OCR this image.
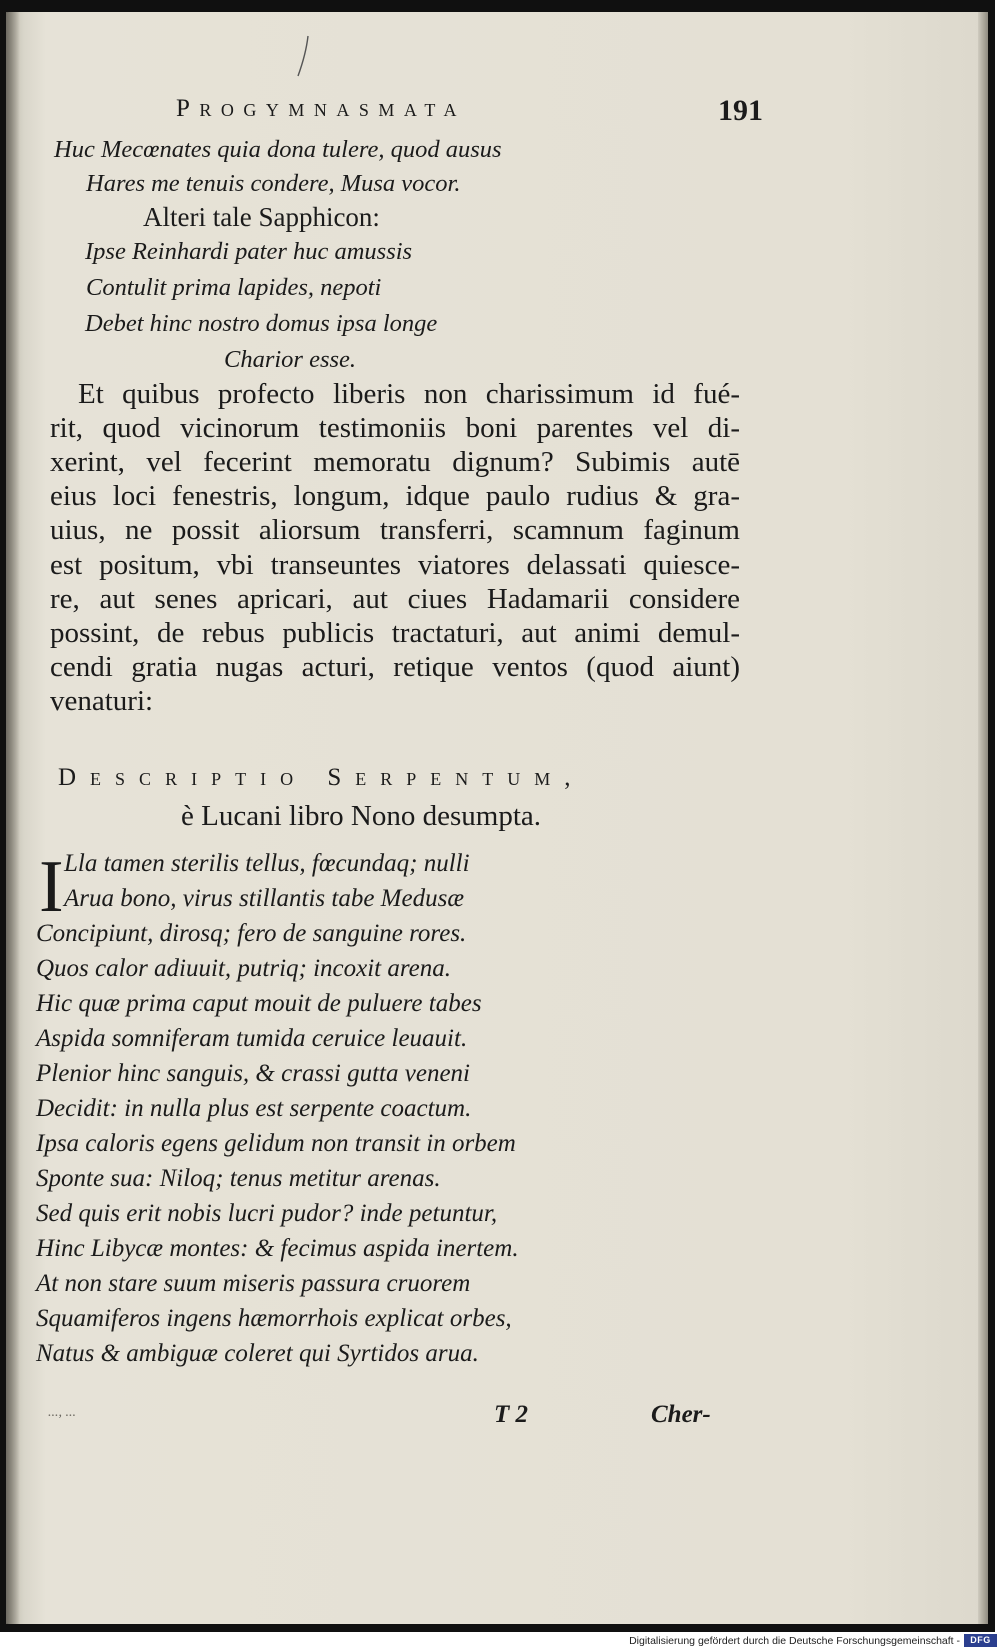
Progymnasmata	191
Huc Mecœnates quia dona tulere, quod ausus
Hares me tenuis condere, Musa vocor.
Alteri tale Sapphicon:
Ipse Reinhardi pater huc amussis
Contulit prima lapides, nepoti
Debet hinc nostro domus ipsa longe
Charior esse.
Et quibus profecto liberis non charissimum id fué-
rit, quod vicinorum testimoniis boni parentes vel di-
xerint, vel fecerint memoratu dignum? Subimis autē
eius loci fenestris, longum, idque paulo rudius & gra-
uius, ne possit aliorsum transferri, scamnum faginum
est positum, vbi transeuntes viatores delassati quiesce-
re, aut senes apricari, aut ciues Hadamarii considere
possint, de rebus publicis tractaturi, aut animi demul-
cendi gratia nugas acturi, retique ventos (quod aiunt)
venaturi:
Descriptio Serpentum,
è Lucani libro Nono desumpta.
I Lla tamen sterilis tellus, fœcundaq; nulli
Arua bono, virus stillantis tabe Medusæ
Concipiunt, dirosq; fero de sanguine rores.
Quos calor adiuuit, putriq; incoxit arena.
Hic quæ prima caput mouit de puluere tabes
Aspida somniferam tumida ceruice leuauit.
Plenior hinc sanguis, & crassi gutta veneni
Decidit: in nulla plus est serpente coactum.
Ipsa caloris egens gelidum non transit in orbem
Sponte sua: Niloq; tenus metitur arenas.
Sed quis erit nobis lucri pudor? inde petuntur,
Hinc Libycæ montes: & fecimus aspida inertem.
At non stare suum miseris passura cruorem
Squamiferos ingens hæmorrhois explicat orbes,
Natus & ambiguæ coleret qui Syrtidos arua.
..., ...	T 2	Cher-
Digitalisierung gefördert durch die Deutsche Forschungsgemeinschaft -	DFG
